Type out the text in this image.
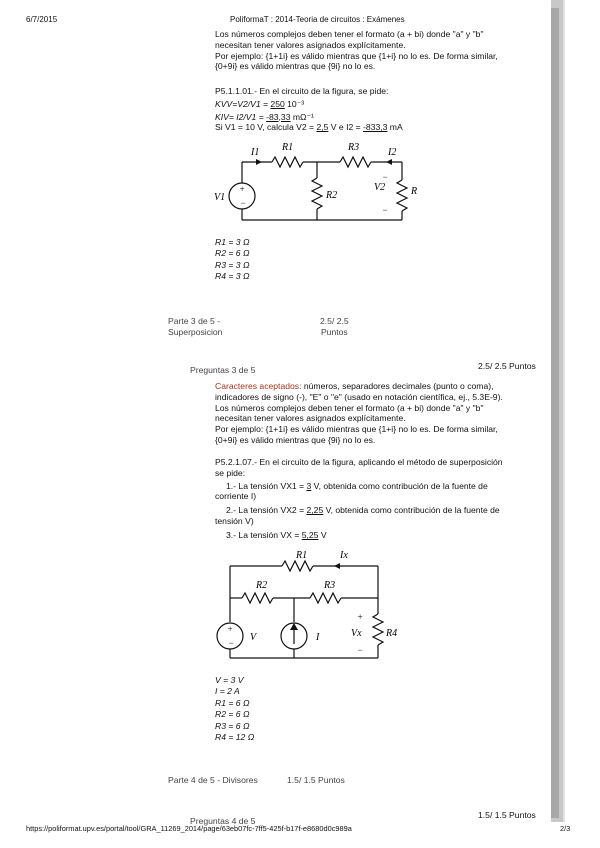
6/7/2015	PoliformaT : 2014-Teoria de circuitos : Exámenes
Los números complejos deben tener el formato (a + bi) donde "a" y "b"
necesitan tener valores asignados explícitamente.
Por ejemplo: {1+1i} es válido mientras que {1+i} no lo es. De forma similar,
{0+9i} es válido mientras que {9i} no lo es.
P5.1.1.01.- En el circuito de la figura, se pide:
KVV=V2/V1 = 250 10⁻³
KIV= I2/V1 = -83,33 mΩ⁻¹
Si V1 = 10 V, calcula V2 = 2,5 V e I2 = -833,3 mA
+
−
I1 R1	R3	I2
V1	R2
V2	R
−
−
R1 = 3 Ω
R2 = 6 Ω
R3 = 3 Ω
R4 = 3 Ω
Parte 3 de 5 -
Superposicion
2.5/ 2.5
Puntos
Preguntas 3 de 5	2.5/ 2.5 Puntos
Caracteres aceptados: números, separadores decimales (punto o coma),
indicadores de signo (-), "E" o "e" (usado en notación científica, ej., 5.3E-9).
Los números complejos deben tener el formato (a + bi) donde "a" y "b"
necesitan tener valores asignados explícitamente.
Por ejemplo: {1+1i} es válido mientras que {1+i} no lo es. De forma similar,
{0+9i} es válido mientras que {9i} no lo es.
P5.2.1.07.- En el circuito de la figura, aplicando el método de superposición
se pide:
1.- La tensión VX1 = 3 V, obtenida como contribución de la fuente de
corriente I)
2.- La tensión VX2 = 2,25 V, obtenida como contribución de la fuente de
tensión V)
3.- La tensión VX = 5,25 V
+
−
R1	Ix
R2	R3
V	I	Vx R4
+
−
V = 3 V
I = 2 A
R1 = 6 Ω
R2 = 6 Ω
R3 = 6 Ω
R4 = 12 Ω
Parte 4 de 5 - Divisores	1.5/ 1.5 Puntos
Preguntas 4 de 5
1.5/ 1.5 Puntos
https://poliformat.upv.es/portal/tool/GRA_11269_2014/page/63eb07fc-7ff5-425f-b17f-e8680d0c989a	2/3
